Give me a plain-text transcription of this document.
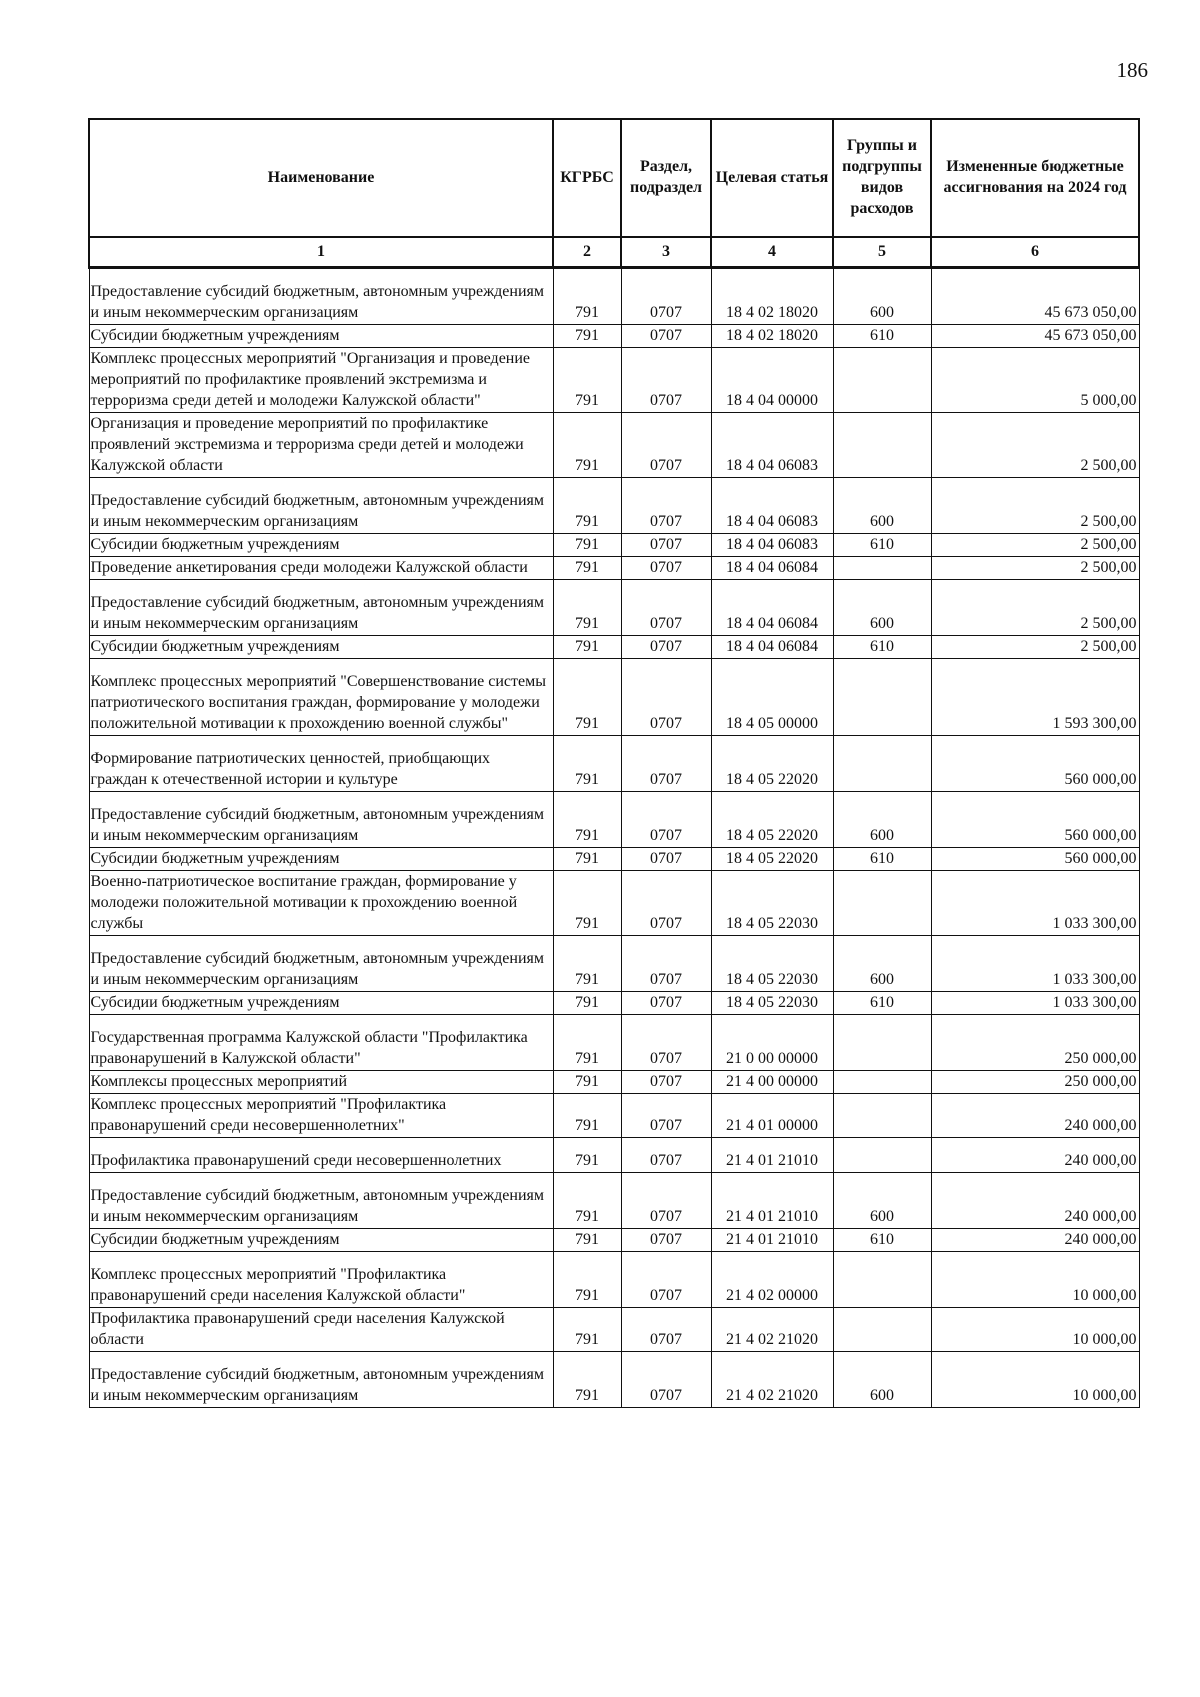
186
Наименование	КГРБС	Раздел, подраздел	Целевая статья	Группы и подгруппы видов расходов	Измененные бюджетные ассигнования на 2024 год
1	2	3	4	5	6
Предоставление субсидий бюджетным, автономным учреждениям и иным некоммерческим организациям	791	0707	18 4 02 18020	600	45 673 050,00
Субсидии бюджетным учреждениям	791	0707	18 4 02 18020	610	45 673 050,00
Комплекс процессных мероприятий "Организация и проведение мероприятий по профилактике проявлений экстремизма и терроризма среди детей и молодежи Калужской области"	791	0707	18 4 04 00000		5 000,00
Организация и проведение мероприятий по профилактике проявлений экстремизма и терроризма среди детей и молодежи Калужской области	791	0707	18 4 04 06083		2 500,00
Предоставление субсидий бюджетным, автономным учреждениям и иным некоммерческим организациям	791	0707	18 4 04 06083	600	2 500,00
Субсидии бюджетным учреждениям	791	0707	18 4 04 06083	610	2 500,00
Проведение анкетирования среди молодежи Калужской области	791	0707	18 4 04 06084		2 500,00
Предоставление субсидий бюджетным, автономным учреждениям и иным некоммерческим организациям	791	0707	18 4 04 06084	600	2 500,00
Субсидии бюджетным учреждениям	791	0707	18 4 04 06084	610	2 500,00
Комплекс процессных мероприятий "Совершенствование системы патриотического воспитания граждан, формирование у молодежи положительной мотивации к прохождению военной службы"	791	0707	18 4 05 00000		1 593 300,00
Формирование патриотических ценностей, приобщающих граждан к отечественной истории и культуре	791	0707	18 4 05 22020		560 000,00
Предоставление субсидий бюджетным, автономным учреждениям и иным некоммерческим организациям	791	0707	18 4 05 22020	600	560 000,00
Субсидии бюджетным учреждениям	791	0707	18 4 05 22020	610	560 000,00
Военно-патриотическое воспитание граждан, формирование у молодежи положительной мотивации к прохождению военной службы	791	0707	18 4 05 22030		1 033 300,00
Предоставление субсидий бюджетным, автономным учреждениям и иным некоммерческим организациям	791	0707	18 4 05 22030	600	1 033 300,00
Субсидии бюджетным учреждениям	791	0707	18 4 05 22030	610	1 033 300,00
Государственная программа Калужской области "Профилактика правонарушений в Калужской области"	791	0707	21 0 00 00000		250 000,00
Комплексы процессных мероприятий	791	0707	21 4 00 00000		250 000,00
Комплекс процессных мероприятий "Профилактика правонарушений среди несовершеннолетних"	791	0707	21 4 01 00000		240 000,00
Профилактика правонарушений среди несовершеннолетних	791	0707	21 4 01 21010		240 000,00
Предоставление субсидий бюджетным, автономным учреждениям и иным некоммерческим организациям	791	0707	21 4 01 21010	600	240 000,00
Субсидии бюджетным учреждениям	791	0707	21 4 01 21010	610	240 000,00
Комплекс процессных мероприятий "Профилактика правонарушений среди населения Калужской области"	791	0707	21 4 02 00000		10 000,00
Профилактика правонарушений среди населения Калужской области	791	0707	21 4 02 21020		10 000,00
Предоставление субсидий бюджетным, автономным учреждениям и иным некоммерческим организациям	791	0707	21 4 02 21020	600	10 000,00
